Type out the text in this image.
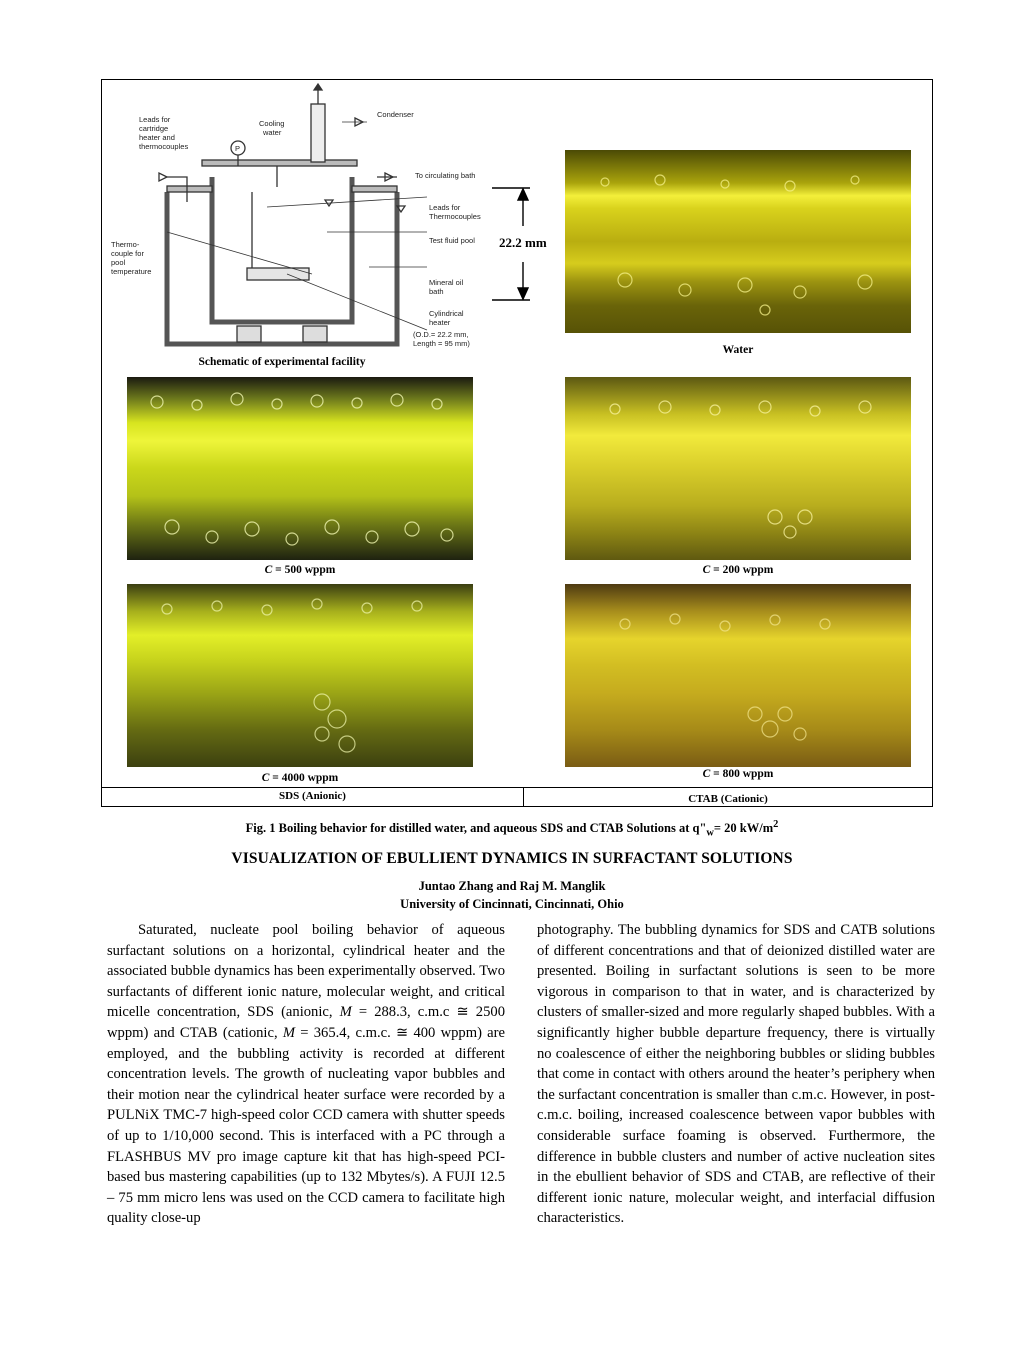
Leads for
cartridge
heater and
thermocouples
Cooling
water
P
Condenser
To circulating bath
Leads for
Thermocouples
Test fluid pool
Thermo-
couple for
pool
temperature
Mineral oil
bath
Cylindrical
heater
(O.D.= 22.2 mm,
Length = 95 mm)
Schematic of experimental facility
22.2 mm
Water
C = 500 wppm	C = 200 wppm
C = 4000 wppm	C = 800 wppm
SDS (Anionic)	CTAB (Cationic)
Fig. 1 Boiling behavior for distilled water, and aqueous SDS and CTAB Solutions at $q"_w= 20$ $kW/m^2$
VISUALIZATION OF EBULLIENT DYNAMICS IN SURFACTANT SOLUTIONS
Juntao Zhang and Raj M. Manglik
University of Cincinnati, Cincinnati, Ohio
Saturated, nucleate pool boiling behavior of aqueous surfactant solutions on a horizontal, cylindrical heater and the associated bubble dynamics has been experimentally observed. Two surfactants of different ionic nature, molecular weight, and critical micelle concentration, SDS (anionic, M = 288.3, c.m.c ≅ 2500 wppm) and CTAB (cationic, M = 365.4, c.m.c. ≅ 400 wppm) are employed, and the bubbling activity is recorded at different concentration levels. The growth of nucleating vapor bubbles and their motion near the cylindrical heater surface were recorded by a PULNiX TMC-7 high-speed color CCD camera with shutter speeds of up to 1/10,000 second. This is interfaced with a PC through a FLASHBUS MV pro image capture kit that has high-speed PCI-based bus mastering capabilities (up to 132 Mbytes/s). A FUJI 12.5 – 75 mm micro lens was used on the CCD camera to facilitate high quality close-up
photography. The bubbling dynamics for SDS and CATB solutions of different concentrations and that of deionized distilled water are presented. Boiling in surfactant solutions is seen to be more vigorous in comparison to that in water, and is characterized by clusters of smaller-sized and more regularly shaped bubbles. With a significantly higher bubble departure frequency, there is virtually no coalescence of either the neighboring bubbles or sliding bubbles that come in contact with others around the heater’s periphery when the surfactant concentration is smaller than c.m.c. However, in post-c.m.c. boiling, increased coalescence between vapor bubbles with considerable surface foaming is observed. Furthermore, the difference in bubble clusters and number of active nucleation sites in the ebullient behavior of SDS and CTAB, are reflective of their different ionic nature, molecular weight, and interfacial diffusion characteristics.
